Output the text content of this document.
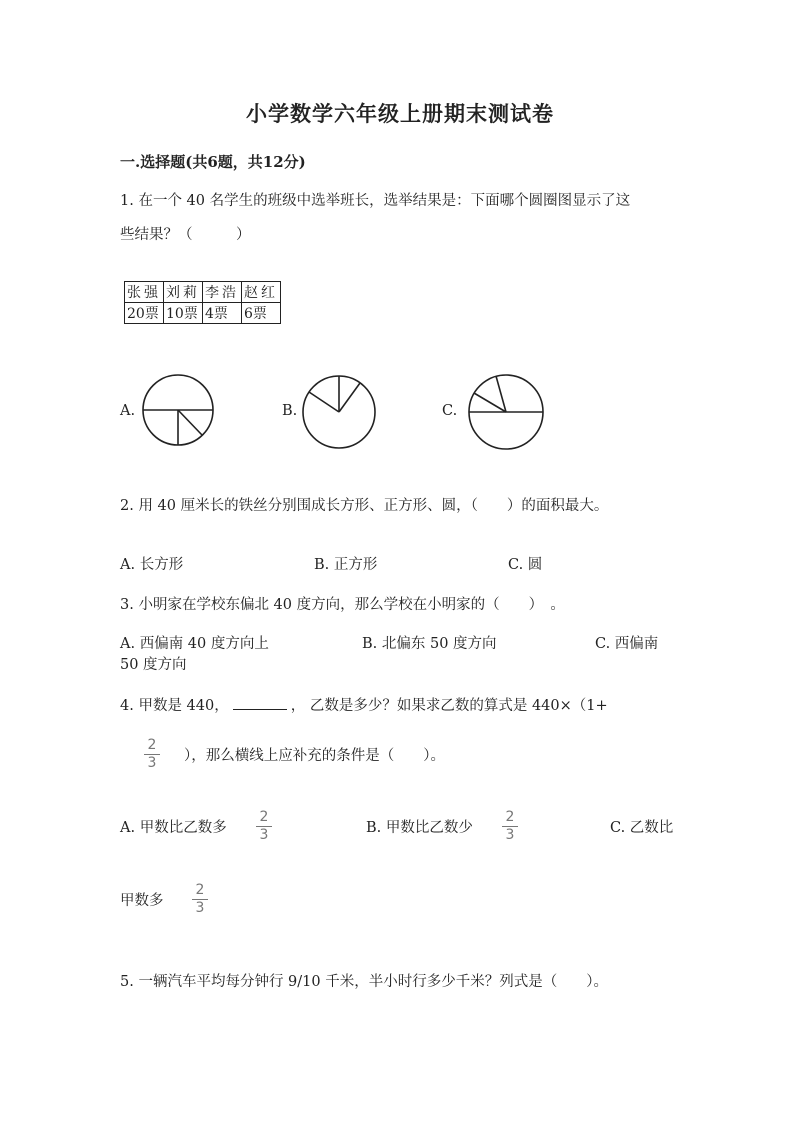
小学数学六年级上册期末测试卷
一.选择题(共6题，共12分)
1. 在一个 40 名学生的班级中选举班长，选举结果是：下面哪个圆圈图显示了这
些结果？（　　　）
张强	刘莉	李浩	赵红
20票	10票	4票	6票
A.	B.	C.
2. 用 40 厘米长的铁丝分别围成长方形、正方形、圆，（　　）的面积最大。
A. 长方形	B. 正方形	C. 圆
3. 小明家在学校东偏北 40 度方向，那么学校在小明家的（　　）　。
A. 西偏南 40 度方向上	B. 北偏东 50 度方向	C. 西偏南
50 度方向
4. 甲数是 440，	， 乙数是多少？如果求乙数的算式是 440×（1+
2
3	），那么横线上应补充的条件是（　　）。
A. 甲数比乙数多
2
3	B. 甲数比乙数少
2
3	C. 乙数比
甲数多
2
3
5. 一辆汽车平均每分钟行 9/10 千米，半小时行多少千米？列式是（　　）。
